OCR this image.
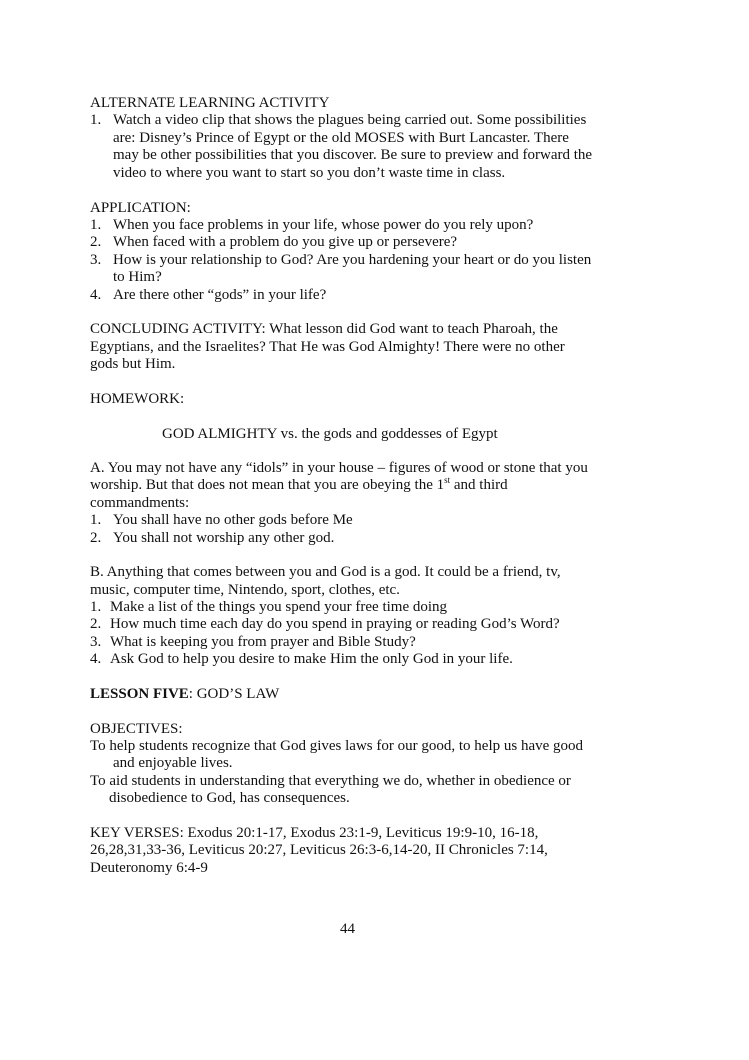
ALTERNATE LEARNING ACTIVITY
1. Watch a video clip that shows the plagues being carried out. Some possibilities
are: Disney’s Prince of Egypt or the old MOSES with Burt Lancaster. There
may be other possibilities that you discover. Be sure to preview and forward the
video to where you want to start so you don’t waste time in class.
APPLICATION:
1. When you face problems in your life, whose power do you rely upon?
2. When faced with a problem do you give up or persevere?
3. How is your relationship to God? Are you hardening your heart or do you listen
to Him?
4. Are there other “gods” in your life?
CONCLUDING ACTIVITY: What lesson did God want to teach Pharoah, the
Egyptians, and the Israelites? That He was God Almighty! There were no other
gods but Him.
HOMEWORK:
GOD ALMIGHTY vs. the gods and goddesses of Egypt
A. You may not have any “idols” in your house – figures of wood or stone that you
worship. But that does not mean that you are obeying the 1st and third
commandments:
1. You shall have no other gods before Me
2. You shall not worship any other god.
B. Anything that comes between you and God is a god. It could be a friend, tv,
music, computer time, Nintendo, sport, clothes, etc.
1. Make a list of the things you spend your free time doing
2. How much time each day do you spend in praying or reading God’s Word?
3. What is keeping you from prayer and Bible Study?
4. Ask God to help you desire to make Him the only God in your life.
LESSON FIVE: GOD’S LAW
OBJECTIVES:
To help students recognize that God gives laws for our good, to help us have good
and enjoyable lives.
To aid students in understanding that everything we do, whether in obedience or
disobedience to God, has consequences.
KEY VERSES: Exodus 20:1-17, Exodus 23:1-9, Leviticus 19:9-10, 16-18,
26,28,31,33-36, Leviticus 20:27, Leviticus 26:3-6,14-20, II Chronicles 7:14,
Deuteronomy 6:4-9
44
